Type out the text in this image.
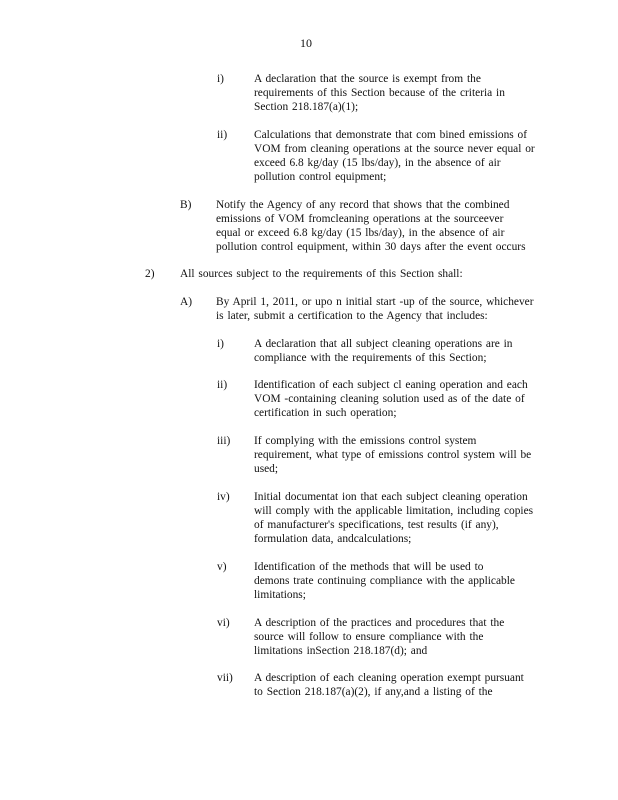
10
i)	A declaration that the source is exempt from the
requirements of this Section because of the criteria in
Section 218.187(a)(1);
ii) Calculations that demonstrate that com bined emissions of
VOM from cleaning operations at the source never equal or
exceed 6.8 kg/day (15 lbs/day), in the absence of air
pollution control equipment;
B) Notify the Agency of any record that shows that the combined
emissions of VOM fromcleaning operations at the sourceever
equal or exceed 6.8 kg/day (15 lbs/day), in the absence of air
pollution control equipment, within 30 days after the event occurs
2) All sources subject to the requirements of this Section shall:
A) By April 1, 2011, or upo n initial start -up of the source, whichever
is later, submit a certification to the Agency that includes:
i)	A declaration that all subject cleaning operations are in
compliance with the requirements of this Section;
ii) Identification of each subject cl eaning operation and each
VOM -containing cleaning solution used as of the date of
certification in such operation;
iii) If complying with the emissions control system
requirement, what type of emissions control system will be
used;
iv) Initial documentat ion that each subject cleaning operation
will comply with the applicable limitation, including copies
of manufacturer's specifications, test results (if any),
formulation data, andcalculations;
v) Identification of the methods that will be used to
demons trate continuing compliance with the applicable
limitations;
vi) A description of the practices and procedures that the
source will follow to ensure compliance with the
limitations inSection 218.187(d); and
vii) A description of each cleaning operation exempt pursuant
to Section 218.187(a)(2), if any,and a listing of the
